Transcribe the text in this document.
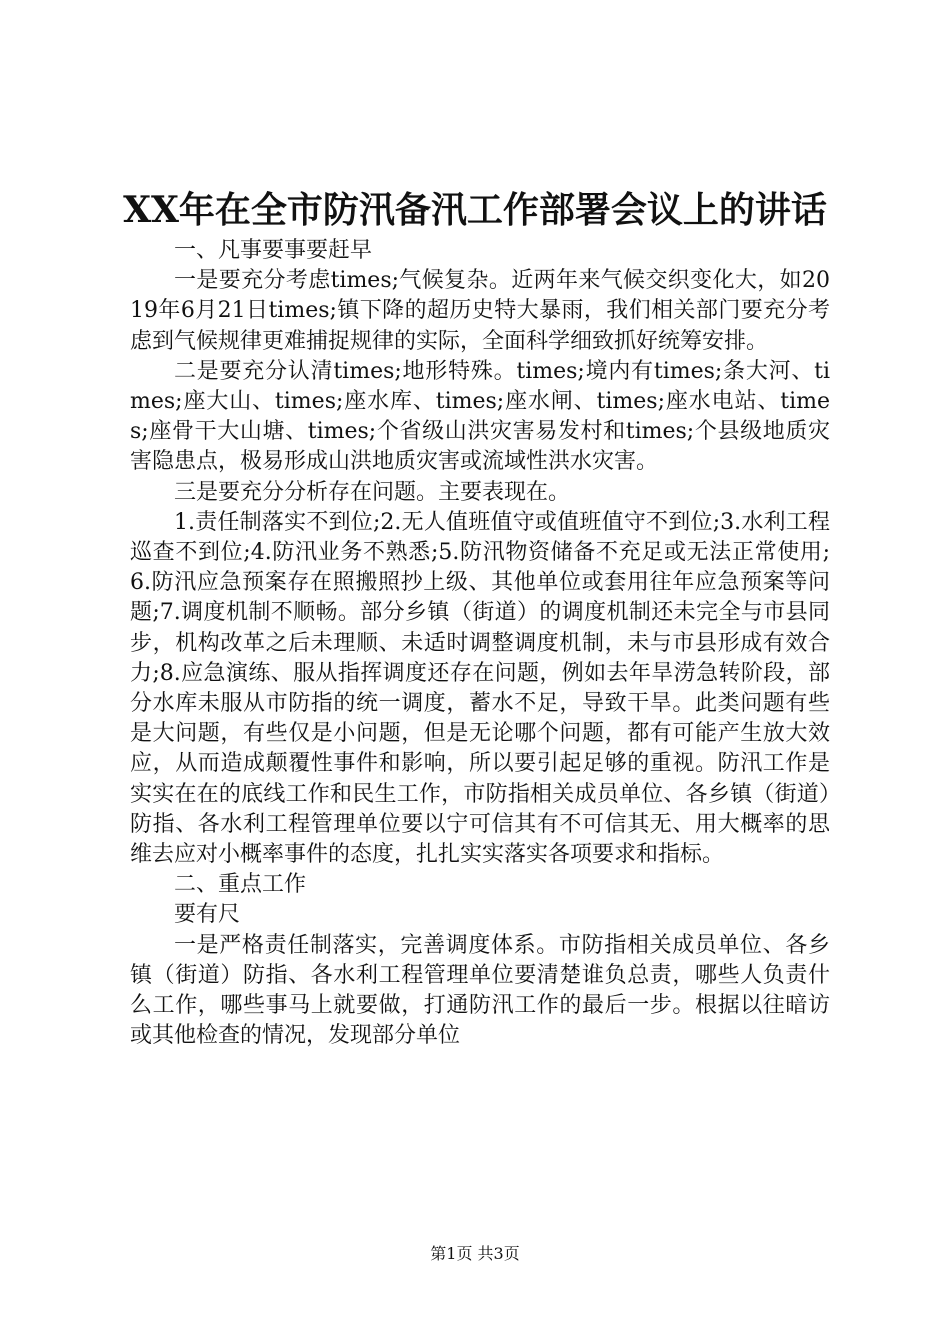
XX年在全市防汛备汛工作部署会议上的讲话

一、凡事要事要赶早

一是要充分考虑times;气候复杂。近两年来气候交织变化大，如2019年6月21日times;镇下降的超历史特大暴雨，我们相关部门要充分考虑到气候规律更难捕捉规律的实际，全面科学细致抓好统筹安排。

二是要充分认清times;地形特殊。times;境内有times;条大河、times;座大山、times;座水库、times;座水闸、times;座水电站、times;座骨干大山塘、times;个省级山洪灾害易发村和times;个县级地质灾害隐患点，极易形成山洪地质灾害或流域性洪水灾害。

三是要充分分析存在问题。主要表现在。

1.责任制落实不到位;2.无人值班值守或值班值守不到位;3.水利工程巡查不到位;4.防汛业务不熟悉;5.防汛物资储备不充足或无法正常使用;6.防汛应急预案存在照搬照抄上级、其他单位或套用往年应急预案等问题;7.调度机制不顺畅。部分乡镇（街道）的调度机制还未完全与市县同步，机构改革之后未理顺、未适时调整调度机制，未与市县形成有效合力;8.应急演练、服从指挥调度还存在问题，例如去年旱涝急转阶段，部分水库未服从市防指的统一调度，蓄水不足，导致干旱。此类问题有些是大问题，有些仅是小问题，但是无论哪个问题，都有可能产生放大效应，从而造成颠覆性事件和影响，所以要引起足够的重视。防汛工作是实实在在的底线工作和民生工作，市防指相关成员单位、各乡镇（街道）防指、各水利工程管理单位要以宁可信其有不可信其无、用大概率的思维去应对小概率事件的态度，扎扎实实落实各项要求和指标。

二、重点工作

要有尺

一是严格责任制落实，完善调度体系。市防指相关成员单位、各乡镇（街道）防指、各水利工程管理单位要清楚谁负总责，哪些人负责什么工作，哪些事马上就要做，打通防汛工作的最后一步。根据以往暗访或其他检查的情况，发现部分单位

第1页 共3页
